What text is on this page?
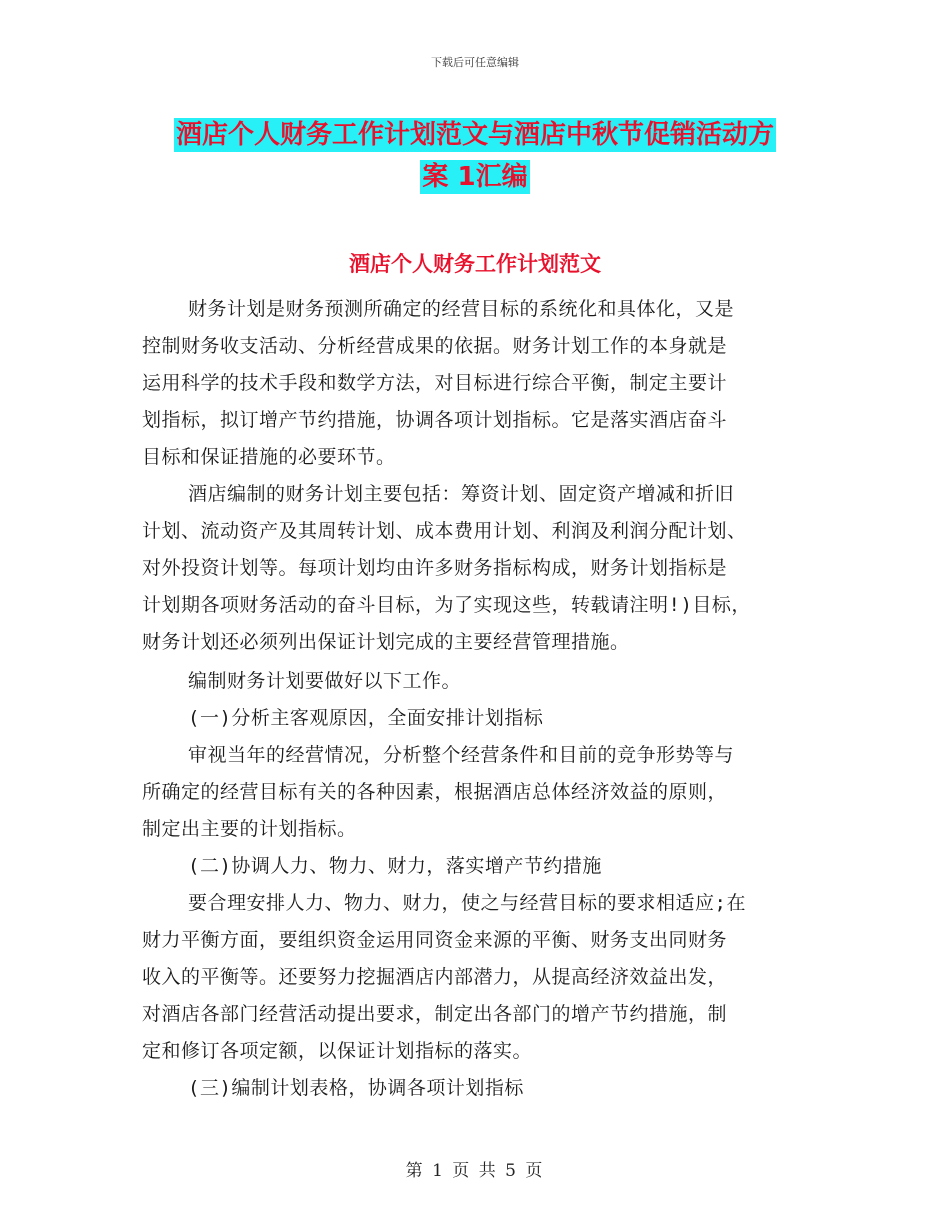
下载后可任意编辑
酒店个人财务工作计划范文与酒店中秋节促销活动方
案 1汇编
酒店个人财务工作计划范文
财务计划是财务预测所确定的经营目标的系统化和具体化，又是
控制财务收支活动、分析经营成果的依据。财务计划工作的本身就是
运用科学的技术手段和数学方法，对目标进行综合平衡，制定主要计
划指标，拟订增产节约措施，协调各项计划指标。它是落实酒店奋斗
目标和保证措施的必要环节。
酒店编制的财务计划主要包括：筹资计划、固定资产增减和折旧
计划、流动资产及其周转计划、成本费用计划、利润及利润分配计划、
对外投资计划等。每项计划均由许多财务指标构成，财务计划指标是
计划期各项财务活动的奋斗目标，为了实现这些，转载请注明!)目标，
财务计划还必须列出保证计划完成的主要经营管理措施。
编制财务计划要做好以下工作。
(一)分析主客观原因，全面安排计划指标
审视当年的经营情况，分析整个经营条件和目前的竞争形势等与
所确定的经营目标有关的各种因素，根据酒店总体经济效益的原则，
制定出主要的计划指标。
(二)协调人力、物力、财力，落实增产节约措施
要合理安排人力、物力、财力，使之与经营目标的要求相适应;在
财力平衡方面，要组织资金运用同资金来源的平衡、财务支出同财务
收入的平衡等。还要努力挖掘酒店内部潜力，从提高经济效益出发，
对酒店各部门经营活动提出要求，制定出各部门的增产节约措施，制
定和修订各项定额，以保证计划指标的落实。
(三)编制计划表格，协调各项计划指标
第 1 页 共 5 页
